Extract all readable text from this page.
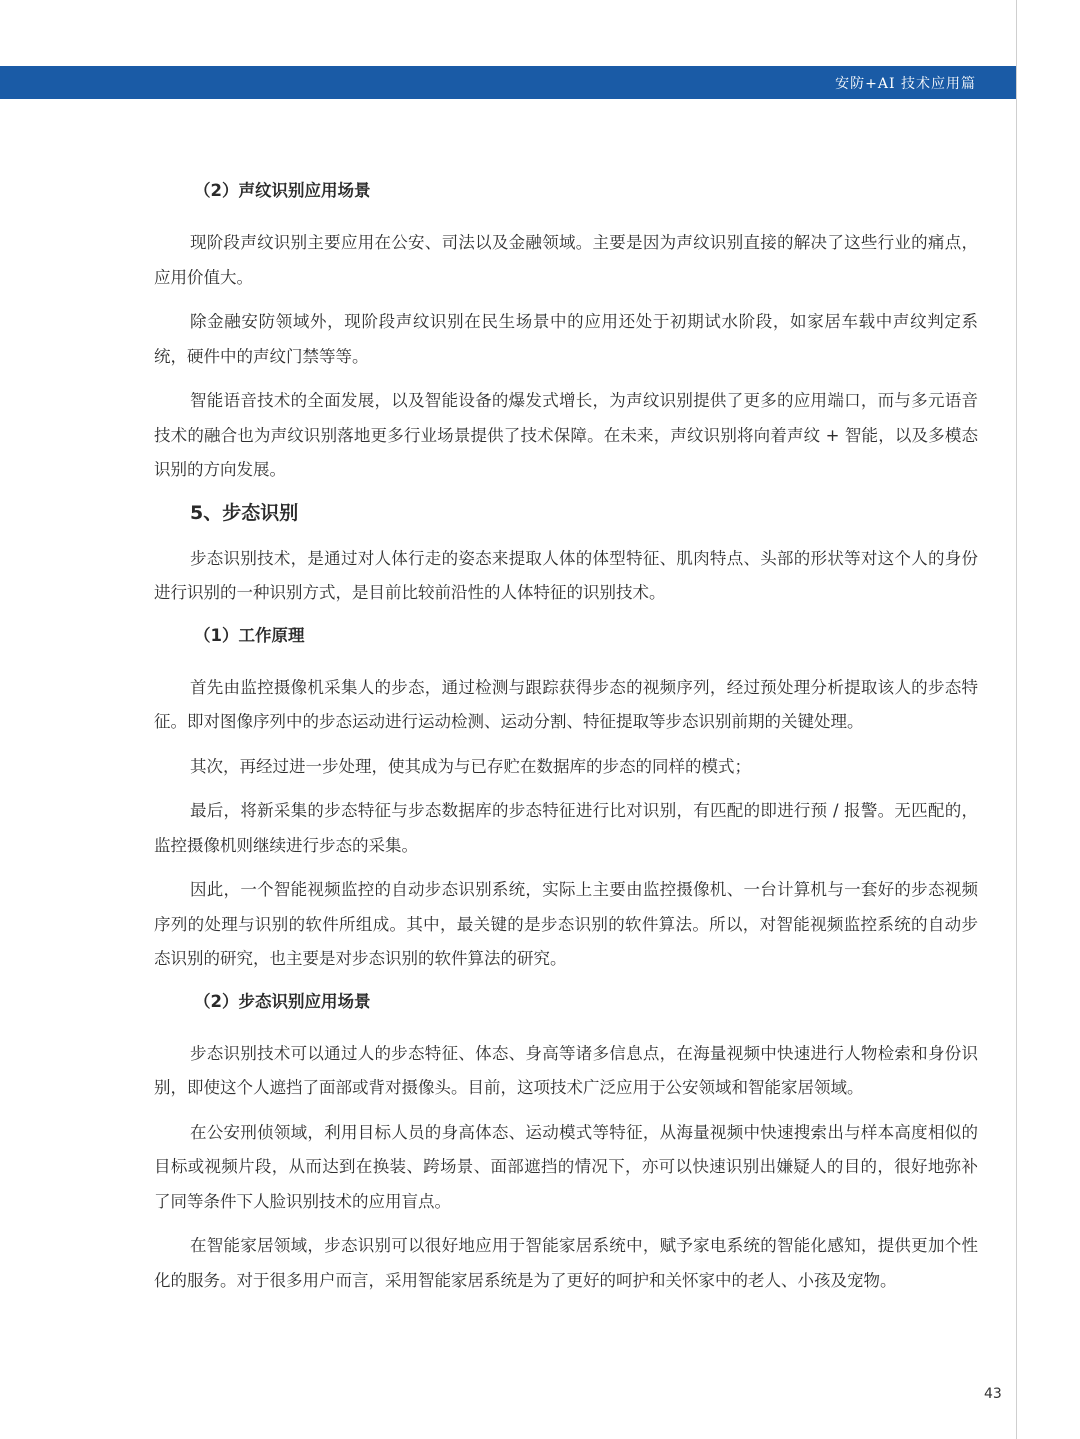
安防+AI 技术应用篇
（2）声纹识别应用场景

现阶段声纹识别主要应用在公安、司法以及金融领域。主要是因为声纹识别直接的解决了这些行业的痛点，应用价值大。

除金融安防领域外，现阶段声纹识别在民生场景中的应用还处于初期试水阶段，如家居车载中声纹判定系统，硬件中的声纹门禁等等。

智能语音技术的全面发展，以及智能设备的爆发式增长，为声纹识别提供了更多的应用端口，而与多元语音技术的融合也为声纹识别落地更多行业场景提供了技术保障。在未来，声纹识别将向着声纹 + 智能，以及多模态识别的方向发展。

5、步态识别

步态识别技术，是通过对人体行走的姿态来提取人体的体型特征、肌肉特点、头部的形状等对这个人的身份进行识别的一种识别方式，是目前比较前沿性的人体特征的识别技术。

（1）工作原理

首先由监控摄像机采集人的步态，通过检测与跟踪获得步态的视频序列，经过预处理分析提取该人的步态特征。即对图像序列中的步态运动进行运动检测、运动分割、特征提取等步态识别前期的关键处理。

其次，再经过进一步处理，使其成为与已存贮在数据库的步态的同样的模式；

最后，将新采集的步态特征与步态数据库的步态特征进行比对识别，有匹配的即进行预 / 报警。无匹配的，监控摄像机则继续进行步态的采集。

因此，一个智能视频监控的自动步态识别系统，实际上主要由监控摄像机、一台计算机与一套好的步态视频序列的处理与识别的软件所组成。其中，最关键的是步态识别的软件算法。所以，对智能视频监控系统的自动步态识别的研究，也主要是对步态识别的软件算法的研究。

（2）步态识别应用场景

步态识别技术可以通过人的步态特征、体态、身高等诸多信息点，在海量视频中快速进行人物检索和身份识别，即使这个人遮挡了面部或背对摄像头。目前，这项技术广泛应用于公安领域和智能家居领域。

在公安刑侦领域，利用目标人员的身高体态、运动模式等特征，从海量视频中快速搜索出与样本高度相似的目标或视频片段，从而达到在换装、跨场景、面部遮挡的情况下，亦可以快速识别出嫌疑人的目的，很好地弥补了同等条件下人脸识别技术的应用盲点。

在智能家居领域，步态识别可以很好地应用于智能家居系统中，赋予家电系统的智能化感知，提供更加个性化的服务。对于很多用户而言，采用智能家居系统是为了更好的呵护和关怀家中的老人、小孩及宠物。

43
